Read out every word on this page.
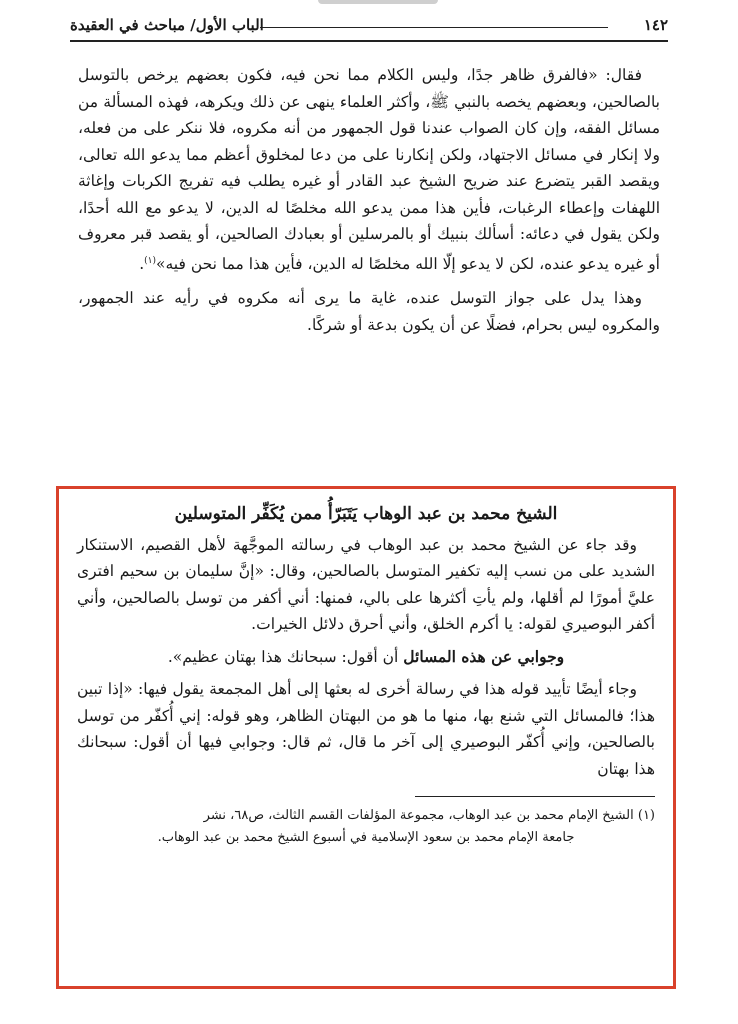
١٤٢
الباب الأول/ مباحث في العقيدة

فقال: «فالفرق ظاهر جدًا، وليس الكلام مما نحن فيه، فكون بعضهم يرخص بالتوسل بالصالحين، وبعضهم يخصه بالنبي ﷺ، وأكثر العلماء ينهى عن ذلك ويكرهه، فهذه المسألة من مسائل الفقه، وإن كان الصواب عندنا قول الجمهور من أنه مكروه، فلا ننكر على من فعله، ولا إنكار في مسائل الاجتهاد، ولكن إنكارنا على من دعا لمخلوق أعظم مما يدعو الله تعالى، ويقصد القبر يتضرع عند ضريح الشيخ عبد القادر أو غيره يطلب فيه تفريج الكربات وإغاثة اللهفات وإعطاء الرغبات، فأين هذا ممن يدعو الله مخلصًا له الدين، لا يدعو مع الله أحدًا، ولكن يقول في دعائه: أسألك بنبيك أو بالمرسلين أو بعبادك الصالحين، أو يقصد قبر معروف أو غيره يدعو عنده، لكن لا يدعو إلّا الله مخلصًا له الدين، فأين هذا مما نحن فيه»$^{(١)}$.

وهذا يدل على جواز التوسل عنده، غاية ما يرى أنه مكروه في رأيه عند الجمهور، والمكروه ليس بحرام، فضلًا عن أن يكون بدعة أو شركًا.

الشيخ محمد بن عبد الوهاب يَتَبَرّأُ ممن يُكَفِّر المتوسلين

وقد جاء عن الشيخ محمد بن عبد الوهاب في رسالته الموجَّهة لأهل القصيم، الاستنكار الشديد على من نسب إليه تكفير المتوسل بالصالحين، وقال: «إنَّ سليمان بن سحيم افترى عليَّ أمورًا لم أقلها، ولم يأتِ أكثرها على بالي، فمنها: أني أكفر من توسل بالصالحين، وأني أكفر البوصيري لقوله: يا أكرم الخلق، وأني أحرق دلائل الخيرات.

وجوابي عن هذه المسائل أن أقول: سبحانك هذا بهتان عظيم».

وجاء أيضًا تأييد قوله هذا في رسالة أخرى له بعثها إلى أهل المجمعة يقول فيها: «إذا تبين هذا؛ فالمسائل التي شنع بها، منها ما هو من البهتان الظاهر، وهو قوله: إني أُكفّر من توسل بالصالحين، وإني أُكفّر البوصيري إلى آخر ما قال، ثم قال: وجوابي فيها أن أقول: سبحانك هذا بهتان

(١) الشيخ الإمام محمد بن عبد الوهاب، مجموعة المؤلفات القسم الثالث، ص٦٨، نشر
جامعة الإمام محمد بن سعود الإسلامية في أسبوع الشيخ محمد بن عبد الوهاب.
